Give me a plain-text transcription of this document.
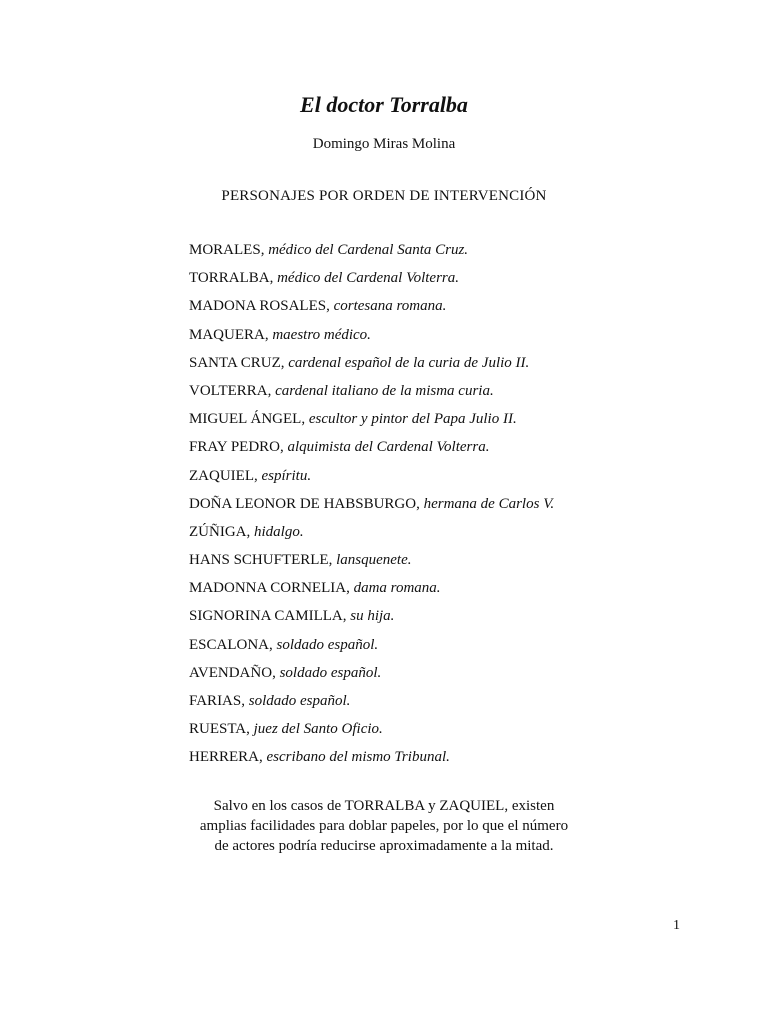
El doctor Torralba
Domingo Miras Molina
PERSONAJES POR ORDEN DE INTERVENCIÓN
MORALES, médico del Cardenal Santa Cruz.
TORRALBA, médico del Cardenal Volterra.
MADONA ROSALES, cortesana romana.
MAQUERA, maestro médico.
SANTA CRUZ, cardenal español de la curia de Julio II.
VOLTERRA, cardenal italiano de la misma curia.
MIGUEL ÁNGEL, escultor y pintor del Papa Julio II.
FRAY PEDRO, alquimista del Cardenal Volterra.
ZAQUIEL, espíritu.
DOÑA LEONOR DE HABSBURGO, hermana de Carlos V.
ZÚÑIGA, hidalgo.
HANS SCHUFTERLE, lansquenete.
MADONNA CORNELIA, dama romana.
SIGNORINA CAMILLA, su hija.
ESCALONA, soldado español.
AVENDAÑO, soldado español.
FARIAS, soldado español.
RUESTA, juez del Santo Oficio.
HERRERA, escribano del mismo Tribunal.
Salvo en los casos de TORRALBA y ZAQUIEL, existen
amplias facilidades para doblar papeles, por lo que el número
de actores podría reducirse aproximadamente a la mitad.
1
